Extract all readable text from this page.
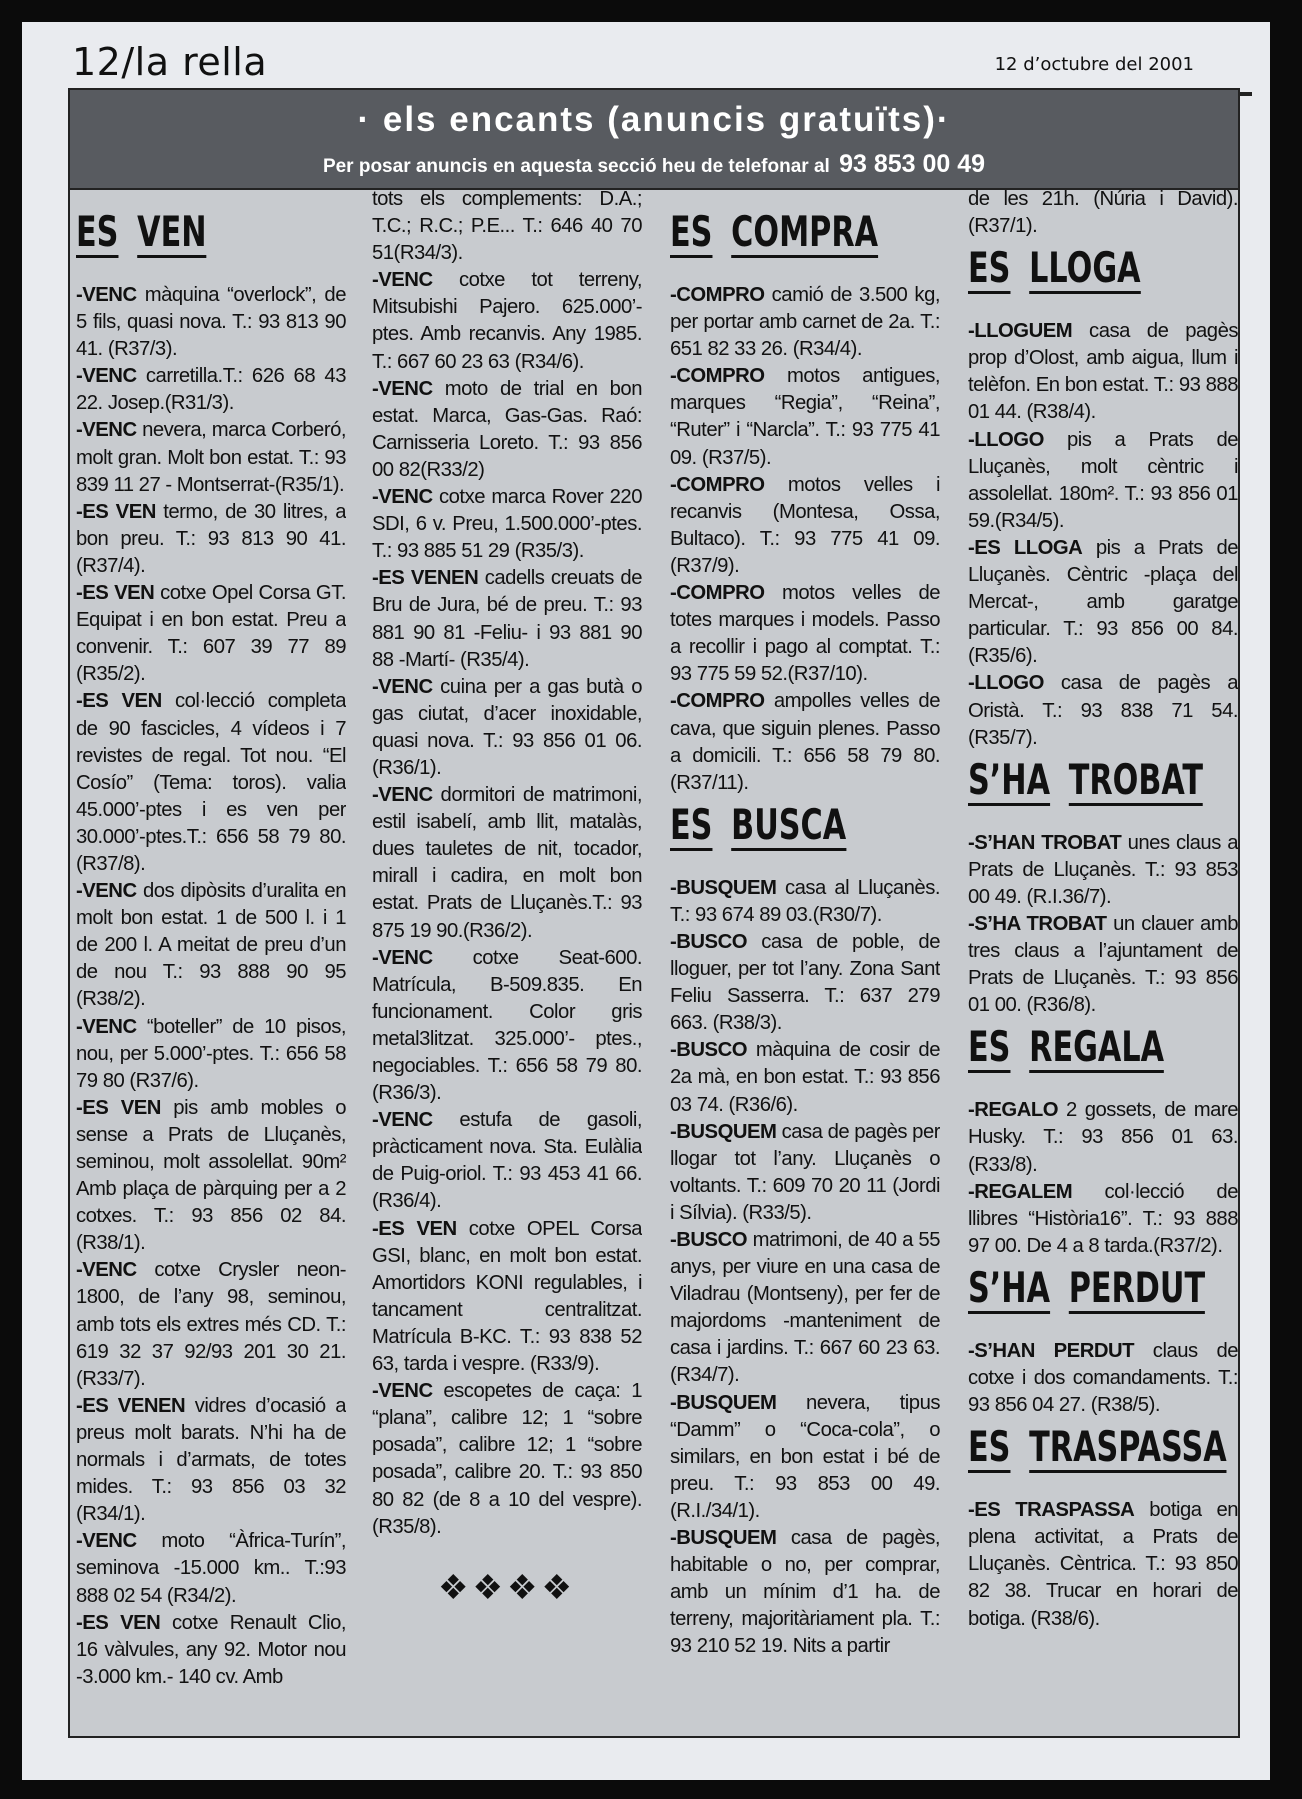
12/la rella	12 d’octubre del 2001
· els encants (anuncis gratuïts)·
Per posar anuncis en aquesta secció heu de telefonar al 93 853 00 49
ES VEN

-VENC màquina “overlock”, de 5 fils, quasi nova. T.: 93 813 90 41. (R37/3).

-VENC carretilla.T.: 626 68 43 22. Josep.(R31/3).

-VENC nevera, marca Corberó, molt gran. Molt bon estat. T.: 93 839 11 27 - Montserrat-(R35/1).

-ES VEN termo, de 30 litres, a bon preu. T.: 93 813 90 41. (R37/4).

-ES VEN cotxe Opel Corsa GT. Equipat i en bon estat. Preu a convenir. T.: 607 39 77 89 (R35/2).

-ES VEN col·lecció completa de 90 fascicles, 4 vídeos i 7 revistes de regal. Tot nou. “El Cosío” (Tema: toros). valia 45.000’-ptes i es ven per 30.000’-ptes.T.: 656 58 79 80. (R37/8).

-VENC dos dipòsits d’uralita en molt bon estat. 1 de 500 l. i 1 de 200 l. A meitat de preu d’un de nou T.: 93 888 90 95 (R38/2).

-VENC “boteller” de 10 pisos, nou, per 5.000’-ptes. T.: 656 58 79 80 (R37/6).

-ES VEN pis amb mobles o sense a Prats de Lluçanès, seminou, molt assolellat. 90m² Amb plaça de pàrquing per a 2 cotxes. T.: 93 856 02 84.(R38/1).

-VENC cotxe Crysler neon-1800, de l’any 98, seminou, amb tots els extres més CD. T.: 619 32 37 92/93 201 30 21. (R33/7).

-ES VENEN vidres d’ocasió a preus molt barats. N’hi ha de normals i d’armats, de totes mides. T.: 93 856 03 32 (R34/1).

-VENC moto “Àfrica-Turín”, seminova -15.000 km.. T.:93 888 02 54 (R34/2).

-ES VEN cotxe Renault Clio, 16 vàlvules, any 92. Motor nou -3.000 km.- 140 cv. Amb

tots els complements: D.A.; T.C.; R.C.; P.E... T.: 646 40 70 51(R34/3).

-VENC cotxe tot terreny, Mitsubishi Pajero. 625.000’-ptes. Amb recanvis. Any 1985. T.: 667 60 23 63 (R34/6).

-VENC moto de trial en bon estat. Marca, Gas-Gas. Raó: Carnisseria Loreto. T.: 93 856 00 82(R33/2)

-VENC cotxe marca Rover 220 SDI, 6 v. Preu, 1.500.000’-ptes. T.: 93 885 51 29 (R35/3).

-ES VENEN cadells creuats de Bru de Jura, bé de preu. T.: 93 881 90 81 -Feliu- i 93 881 90 88 -Martí- (R35/4).

-VENC cuina per a gas butà o gas ciutat, d’acer inoxidable, quasi nova. T.: 93 856 01 06. (R36/1).

-VENC dormitori de matrimoni, estil isabelí, amb llit, matalàs, dues tauletes de nit, tocador, mirall i cadira, en molt bon estat. Prats de Lluçanès.T.: 93 875 19 90.(R36/2).

-VENC cotxe Seat-600. Matrícula, B-509.835. En funcionament. Color gris metal3litzat. 325.000’- ptes., negociables. T.: 656 58 79 80.(R36/3).

-VENC estufa de gasoli, pràcticament nova. Sta. Eulàlia de Puig-oriol. T.: 93 453 41 66. (R36/4).

-ES VEN cotxe OPEL Corsa GSI, blanc, en molt bon estat. Amortidors KONI regulables, i tancament centralitzat. Matrícula B-KC. T.: 93 838 52 63, tarda i vespre. (R33/9).

-VENC escopetes de caça: 1 “plana”, calibre 12; 1 “sobre posada”, calibre 12; 1 “sobre posada”, calibre 20. T.: 93 850 80 82 (de 8 a 10 del vespre). (R35/8).

❖❖❖❖
ES COMPRA

-COMPRO camió de 3.500 kg, per portar amb carnet de 2a. T.: 651 82 33 26. (R34/4).

-COMPRO motos antigues, marques “Regia”, “Reina”, “Ruter” i “Narcla”. T.: 93 775 41 09. (R37/5).

-COMPRO motos velles i recanvis (Montesa, Ossa, Bultaco). T.: 93 775 41 09.(R37/9).

-COMPRO motos velles de totes marques i models. Passo a recollir i pago al comptat. T.: 93 775 59 52.(R37/10).

-COMPRO ampolles velles de cava, que siguin plenes. Passo a domicili. T.: 656 58 79 80. (R37/11).

ES BUSCA

-BUSQUEM casa al Lluçanès. T.: 93 674 89 03.(R30/7).

-BUSCO casa de poble, de lloguer, per tot l’any. Zona Sant Feliu Sasserra. T.: 637 279 663. (R38/3).

-BUSCO màquina de cosir de 2a mà, en bon estat. T.: 93 856 03 74. (R36/6).

-BUSQUEM casa de pagès per llogar tot l’any. Lluçanès o voltants. T.: 609 70 20 11 (Jordi i Sílvia). (R33/5).

-BUSCO matrimoni, de 40 a 55 anys, per viure en una casa de Viladrau (Montseny), per fer de majordoms -manteniment de casa i jardins. T.: 667 60 23 63. (R34/7).

-BUSQUEM nevera, tipus “Damm” o “Coca-cola”, o similars, en bon estat i bé de preu. T.: 93 853 00 49. (R.I./34/1).

-BUSQUEM casa de pagès, habitable o no, per comprar, amb un mínim d’1 ha. de terreny, majoritàriament pla. T.: 93 210 52 19. Nits a partir

de les 21h. (Núria i David). (R37/1).

ES LLOGA

-LLOGUEM casa de pagès prop d’Olost, amb aigua, llum i telèfon. En bon estat. T.: 93 888 01 44. (R38/4).

-LLOGO pis a Prats de Lluçanès, molt cèntric i assolellat. 180m². T.: 93 856 01 59.(R34/5).

-ES LLOGA pis a Prats de Lluçanès. Cèntric -plaça del Mercat-, amb garatge particular. T.: 93 856 00 84. (R35/6).

-LLOGO casa de pagès a Oristà. T.: 93 838 71 54. (R35/7).

S’HA TROBAT

-S’HAN TROBAT unes claus a Prats de Lluçanès. T.: 93 853 00 49. (R.I.36/7).

-S’HA TROBAT un clauer amb tres claus a l’ajuntament de Prats de Lluçanès. T.: 93 856 01 00. (R36/8).

ES REGALA

-REGALO 2 gossets, de mare Husky. T.: 93 856 01 63.(R33/8).

-REGALEM col·lecció de llibres “Història16”. T.: 93 888 97 00. De 4 a 8 tarda.(R37/2).

S’HA PERDUT

-S’HAN PERDUT claus de cotxe i dos comandaments. T.: 93 856 04 27. (R38/5).

ES TRASPASSA

-ES TRASPASSA botiga en plena activitat, a Prats de Lluçanès. Cèntrica. T.: 93 850 82 38. Trucar en horari de botiga. (R38/6).
